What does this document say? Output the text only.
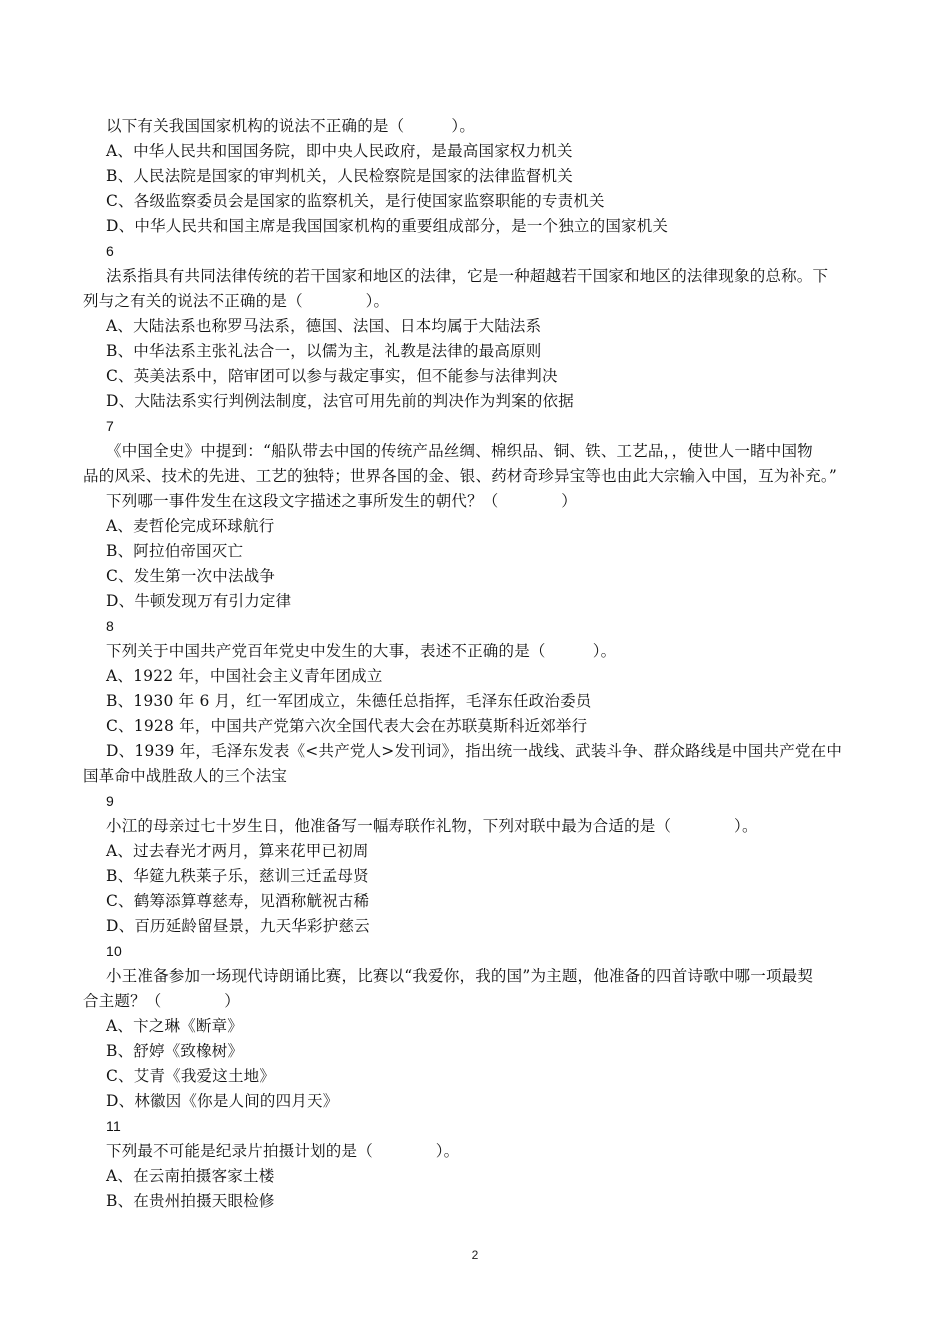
以下有关我国国家机构的说法不正确的是（　　　）。
A、中华人民共和国国务院，即中央人民政府，是最高国家权力机关
B、人民法院是国家的审判机关，人民检察院是国家的法律监督机关
C、各级监察委员会是国家的监察机关，是行使国家监察职能的专责机关
D、中华人民共和国主席是我国国家机构的重要组成部分，是一个独立的国家机关
6
法系指具有共同法律传统的若干国家和地区的法律，它是一种超越若干国家和地区的法律现象的总称。下
列与之有关的说法不正确的是（　　　　）。
A、大陆法系也称罗马法系，德国、法国、日本均属于大陆法系
B、中华法系主张礼法合一，以儒为主，礼教是法律的最高原则
C、英美法系中，陪审团可以参与裁定事实，但不能参与法律判决
D、大陆法系实行判例法制度，法官可用先前的判决作为判案的依据
7
《中国全史》中提到：“船队带去中国的传统产品丝绸、棉织品、铜、铁、工艺品，，使世人一睹中国物
品的风采、技术的先进、工艺的独特；世界各国的金、银、药材奇珍异宝等也由此大宗输入中国，互为补充。”
下列哪一事件发生在这段文字描述之事所发生的朝代？（　　　　）
A、麦哲伦完成环球航行
B、阿拉伯帝国灭亡
C、发生第一次中法战争
D、牛顿发现万有引力定律
8
下列关于中国共产党百年党史中发生的大事，表述不正确的是（　　　）。
A、1922 年，中国社会主义青年团成立
B、1930 年 6 月，红一军团成立，朱德任总指挥，毛泽东任政治委员
C、1928 年，中国共产党第六次全国代表大会在苏联莫斯科近郊举行
D、1939 年，毛泽东发表《<共产党人>发刊词》，指出统一战线、武装斗争、群众路线是中国共产党在中
国革命中战胜敌人的三个法宝
9
小江的母亲过七十岁生日，他准备写一幅寿联作礼物，下列对联中最为合适的是（　　　　）。
A、过去春光才两月，算来花甲已初周
B、华筵九秩莱子乐，慈训三迁孟母贤
C、鹤筹添算尊慈寿，见酒称觥祝古稀
D、百历延龄留昼景，九天华彩护慈云
10
小王准备参加一场现代诗朗诵比赛，比赛以“我爱你，我的国”为主题，他准备的四首诗歌中哪一项最契
合主题？（　　　　）
A、卞之琳《断章》
B、舒婷《致橡树》
C、艾青《我爱这土地》
D、林徽因《你是人间的四月天》
11
下列最不可能是纪录片拍摄计划的是（　　　　）。
A、在云南拍摄客家土楼
B、在贵州拍摄天眼检修
2
